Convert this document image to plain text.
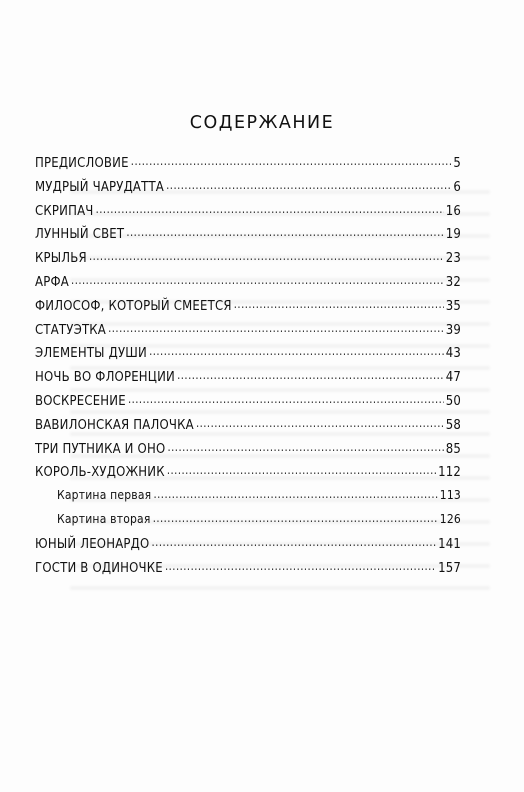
СОДЕРЖАНИЕ
ПРЕДИСЛОВИЕ . . .	5
МУДРЫЙ ЧАРУДАТТА . . .	6
СКРИПАЧ . . .	16
ЛУННЫЙ СВЕТ . . .	19
КРЫЛЬЯ . . .	23
АРФА . . .	32
ФИЛОСОФ, КОТОРЫЙ СМЕЕТСЯ . . .	35
СТАТУЭТКА . . .	39
ЭЛЕМЕНТЫ ДУШИ . . .	43
НОЧЬ ВО ФЛОРЕНЦИИ . . .	47
ВОСКРЕСЕНИЕ . . .	50
ВАВИЛОНСКАЯ ПАЛОЧКА . . .	58
ТРИ ПУТНИКА И ОНО . . .	85
КОРОЛЬ-ХУДОЖНИК . . .	112
Картина первая . . .	113
Картина вторая . . .	126
ЮНЫЙ ЛЕОНАРДО . . .	141
ГОСТИ В ОДИНОЧКЕ . . .	157
